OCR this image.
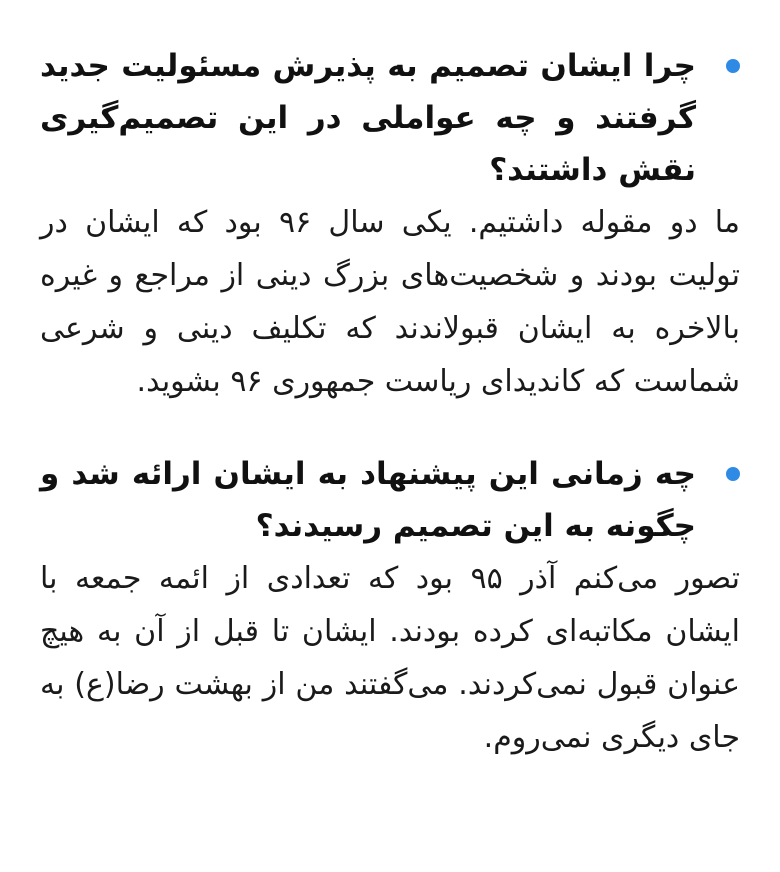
چرا ایشان تصمیم به پذیرش مسئولیت جدید گرفتند و چه عواملی در این تصمیم‌گیری نقش داشتند؟
ما دو مقوله داشتیم. یکی سال ۹۶ بود که ایشان در تولیت بودند و شخصیت‌های بزرگ دینی از مراجع و غیره بالاخره به ایشان قبولاندند که تکلیف دینی و شرعی شماست که کاندیدای ریاست جمهوری ۹۶ بشوید.
چه زمانی این پیشنهاد به ایشان ارائه شد و چگونه به این تصمیم رسیدند؟
تصور می‌کنم آذر ۹۵ بود که تعدادی از ائمه جمعه با ایشان مکاتبه‌ای کرده بودند. ایشان تا قبل از آن به هیچ عنوان قبول نمی‌کردند. می‌گفتند من از بهشت رضا(ع) به جای دیگری نمی‌روم.
